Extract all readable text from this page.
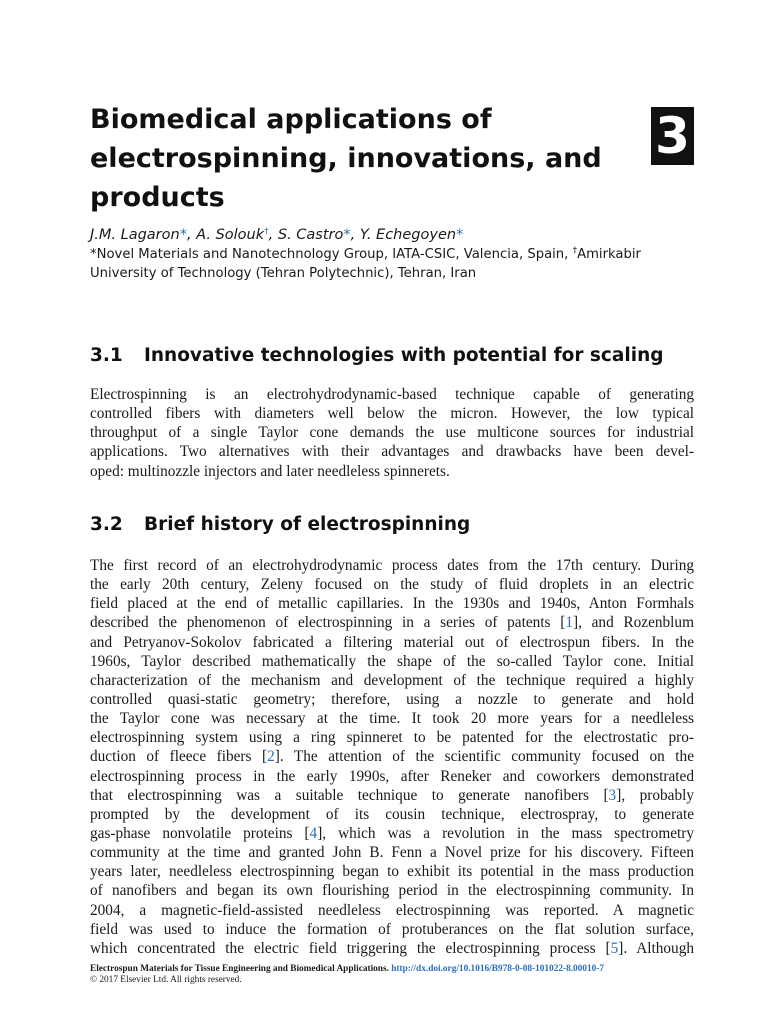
Biomedical applications of
electrospinning, innovations, and
products
3
J.M. Lagaron*, A. Solouk†, S. Castro*, Y. Echegoyen*
*Novel Materials and Nanotechnology Group, IATA-CSIC, Valencia, Spain, †Amirkabir
University of Technology (Tehran Polytechnic), Tehran, Iran
3.1 Innovative technologies with potential for scaling

Electrospinning is an electrohydrodynamic-based technique capable of generating
controlled fibers with diameters well below the micron. However, the low typical
throughput of a single Taylor cone demands the use multicone sources for industrial
applications. Two alternatives with their advantages and drawbacks have been devel-
oped: multinozzle injectors and later needleless spinnerets.

3.2 Brief history of electrospinning

The first record of an electrohydrodynamic process dates from the 17th century. During
the early 20th century, Zeleny focused on the study of fluid droplets in an electric
field placed at the end of metallic capillaries. In the 1930s and 1940s, Anton Formhals
described the phenomenon of electrospinning in a series of patents [1], and Rozenblum
and Petryanov-Sokolov fabricated a filtering material out of electrospun fibers. In the
1960s, Taylor described mathematically the shape of the so-called Taylor cone. Initial
characterization of the mechanism and development of the technique required a highly
controlled quasi-static geometry; therefore, using a nozzle to generate and hold
the Taylor cone was necessary at the time. It took 20 more years for a needleless
electrospinning system using a ring spinneret to be patented for the electrostatic pro-
duction of fleece fibers [2]. The attention of the scientific community focused on the
electrospinning process in the early 1990s, after Reneker and coworkers demonstrated
that electrospinning was a suitable technique to generate nanofibers [3], probably
prompted by the development of its cousin technique, electrospray, to generate
gas-phase nonvolatile proteins [4], which was a revolution in the mass spectrometry
community at the time and granted John B. Fenn a Novel prize for his discovery. Fifteen
years later, needleless electrospinning began to exhibit its potential in the mass production
of nanofibers and began its own flourishing period in the electrospinning community. In
2004, a magnetic-field-assisted needleless electrospinning was reported. A magnetic
field was used to induce the formation of protuberances on the flat solution surface,
which concentrated the electric field triggering the electrospinning process [5]. Although

Electrospun Materials for Tissue Engineering and Biomedical Applications. http://dx.doi.org/10.1016/B978-0-08-101022-8.00010-7
© 2017 Elsevier Ltd. All rights reserved.
